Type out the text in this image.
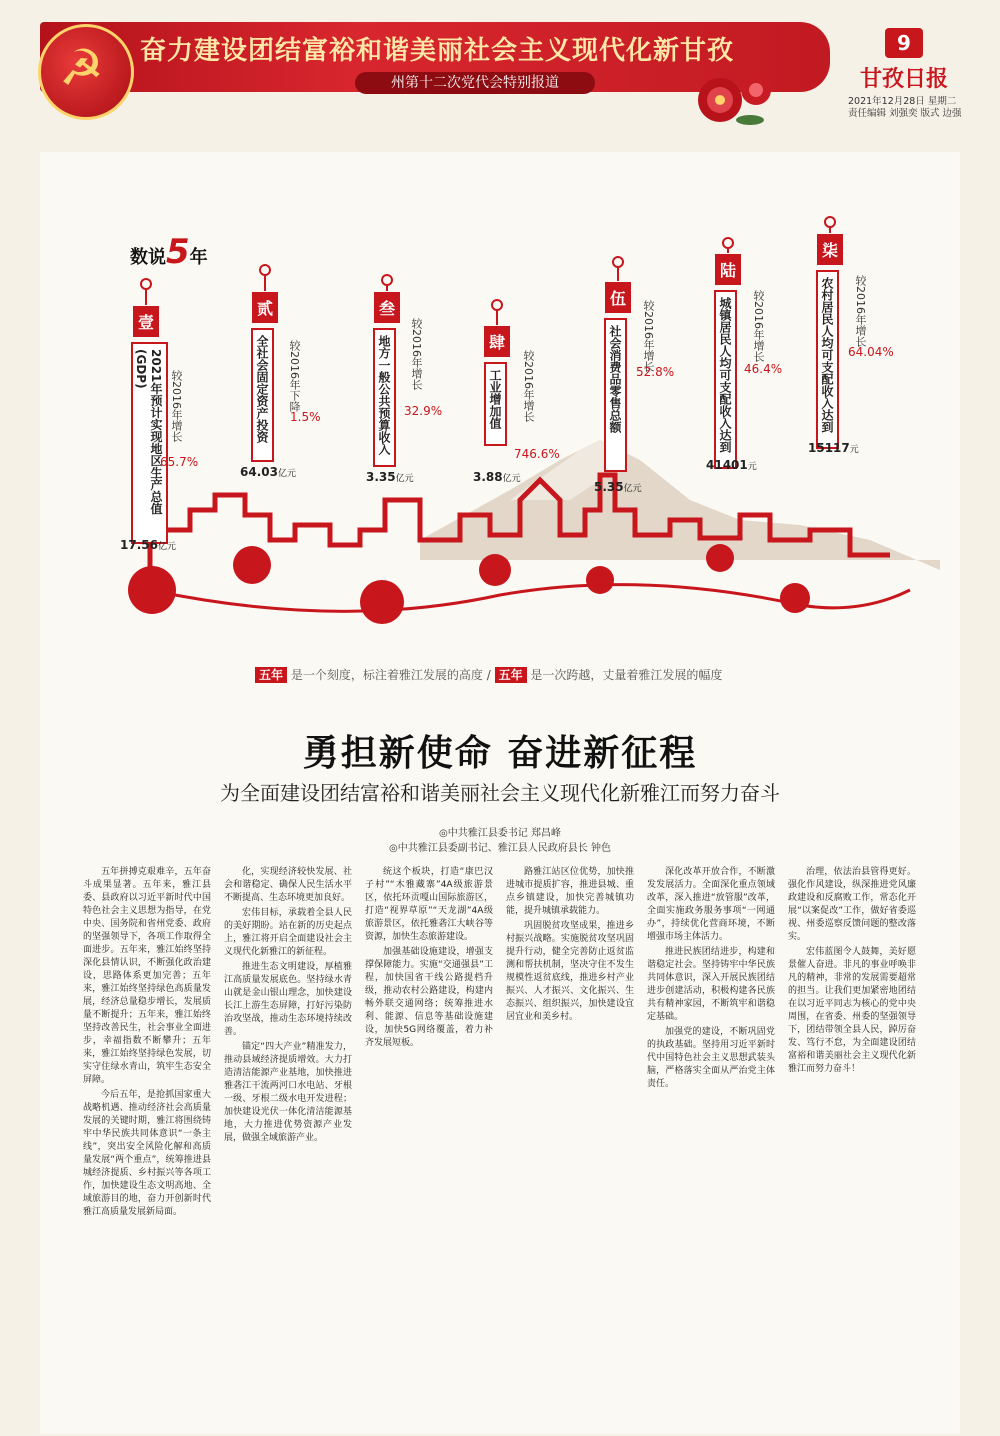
☭ 奋力建设团结富裕和谐美丽社会主义现代化新甘孜
州第十二次党代会特别报道
9
甘孜日报
2021年12月28日 星期二
责任编辑 刘强奕 版式 边强
数说5年
壹
2021年预计实现地区生产总值(GDP)
较2016年增长
65.7%
17.56亿元
贰
全社会固定资产投资	较2016年下降
1.5%
64.03亿元
叁
地方一般公共预算收入	较2016年增长
32.9%
3.35亿元
肆
工业增加值	较2016年增长
746.6%
3.88亿元
伍
社会消费品零售总额	较2016年增长
52.8%
5.35亿元
陆
城镇居民人均可支配收入达到	较2016年增长
46.4%
41401元
柒
农村居民人均可支配收入达到	较2016年增长
64.04%
15117元
五年 是一个刻度，标注着雅江发展的高度 / 五年 是一次跨越，丈量着雅江发展的幅度
勇担新使命 奋进新征程
为全面建设团结富裕和谐美丽社会主义现代化新雅江而努力奋斗
◎中共雅江县委书记 郑昌峰
◎中共雅江县委副书记、雅江县人民政府县长 钟色

五年拼搏克艰难辛，五年奋斗成果显著。五年来，雅江县委、县政府以习近平新时代中国特色社会主义思想为指导，在党中央、国务院和省州党委、政府的坚强领导下，各项工作取得全面进步。五年来，雅江始终坚持深化县情认识，不断强化政治建设，思路体系更加完善；五年来，雅江始终坚持绿色高质量发展，经济总量稳步增长，发展质量不断提升；五年来，雅江始终坚持改善民生，社会事业全面进步，幸福指数不断攀升；五年来，雅江始终坚持绿色发展，切实守住绿水青山，筑牢生态安全屏障。

今后五年，是抢抓国家重大战略机遇、推动经济社会高质量发展的关键时期，雅江将围绕铸牢中华民族共同体意识“一条主线”，突出安全风险化解和高质量发展“两个重点”，统筹推进县城经济提质、乡村振兴等各项工作，加快建设生态文明高地、全域旅游目的地，奋力开创新时代雅江高质量发展新局面。

化，实现经济较快发展、社会和谐稳定、确保人民生活水平不断提高、生态环境更加良好。

宏伟目标，承载着全县人民的美好期盼。站在新的历史起点上，雅江将开启全面建设社会主义现代化新雅江的新征程。

推进生态文明建设，厚植雅江高质量发展底色。坚持绿水青山就是金山银山理念，加快建设长江上游生态屏障，打好污染防治攻坚战，推动生态环境持续改善。

锚定“四大产业”精准发力，推动县域经济提质增效。大力打造清洁能源产业基地，加快推进雅砻江干流两河口水电站、牙根一级、牙根二级水电开发进程；加快建设光伏一体化清洁能源基地，大力推进优势资源产业发展，做强全域旅游产业。

统这个板块，打造“康巴汉子村”“木雅藏寨”4A级旅游景区，依托环贡嘎山国际旅游区，打造“视界草原”“天龙湖”4A级旅游景区，依托雅砻江大峡谷等资源，加快生态旅游建设。

加强基础设施建设，增强支撑保障能力。实施“交通强县”工程，加快国省干线公路提档升级，推动农村公路建设，构建内畅外联交通网络；统筹推进水利、能源、信息等基础设施建设，加快5G网络覆盖，着力补齐发展短板。

路雅江站区位优势，加快推进城市提质扩容，推进县城、重点乡镇建设，加快完善城镇功能，提升城镇承载能力。

巩固脱贫攻坚成果，推进乡村振兴战略。实施脱贫攻坚巩固提升行动，健全完善防止返贫监测和帮扶机制，坚决守住不发生规模性返贫底线，推进乡村产业振兴、人才振兴、文化振兴、生态振兴、组织振兴，加快建设宜居宜业和美乡村。

深化改革开放合作，不断激发发展活力。全面深化重点领域改革，深入推进“放管服”改革，全面实施政务服务事项“一网通办”，持续优化营商环境，不断增强市场主体活力。

推进民族团结进步，构建和谐稳定社会。坚持铸牢中华民族共同体意识，深入开展民族团结进步创建活动，积极构建各民族共有精神家园，不断筑牢和谐稳定基础。

加强党的建设，不断巩固党的执政基础。坚持用习近平新时代中国特色社会主义思想武装头脑，严格落实全面从严治党主体责任。

治理，依法治县管得更好。强化作风建设，纵深推进党风廉政建设和反腐败工作，常态化开展“以案促改”工作，做好省委巡视、州委巡察反馈问题的整改落实。

宏伟蓝图令人鼓舞，美好愿景催人奋进。非凡的事业呼唤非凡的精神，非常的发展需要超常的担当。让我们更加紧密地团结在以习近平同志为核心的党中央周围，在省委、州委的坚强领导下，团结带领全县人民，踔厉奋发、笃行不怠，为全面建设团结富裕和谐美丽社会主义现代化新雅江而努力奋斗！
